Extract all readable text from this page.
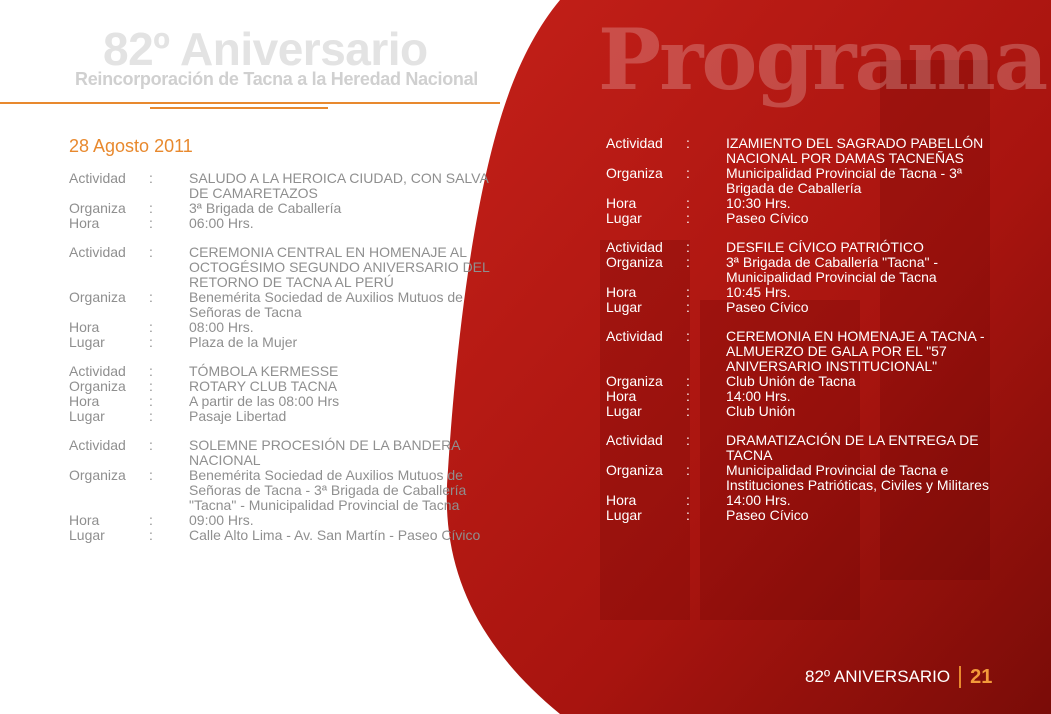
82º Aniversario
Reincorporación de Tacna a la Heredad Nacional Programa
28 Agosto 2011
Actividad	:	SALUDO A LA HEROICA CIUDAD, CON SALVA DE CAMARETAZOS
Organiza	:	3ª Brigada de Caballería
Hora	:	06:00 Hrs.
Actividad	:	CEREMONIA CENTRAL EN HOMENAJE AL OCTOGÉSIMO SEGUNDO ANIVERSARIO DEL RETORNO DE TACNA AL PERÚ
Organiza	:	Benemérita Sociedad de Auxilios Mutuos de Señoras de Tacna
Hora	:	08:00 Hrs.
Lugar	:	Plaza de la Mujer
Actividad	:	TÓMBOLA KERMESSE
Organiza	:	ROTARY CLUB TACNA
Hora	:	A partir de las 08:00 Hrs
Lugar	:	Pasaje Libertad
Actividad	:	SOLEMNE PROCESIÓN DE LA BANDERA NACIONAL
Organiza	:	Benemérita Sociedad de Auxilios Mutuos de Señoras de Tacna - 3ª Brigada de Caballería "Tacna" - Municipalidad Provincial de Tacna
Hora	:	09:00 Hrs.
Lugar	:	Calle Alto Lima - Av. San Martín - Paseo Cívico
Actividad	:	IZAMIENTO DEL SAGRADO PABELLÓN NACIONAL POR DAMAS TACNEÑAS
Organiza	:	Municipalidad Provincial de Tacna - 3ª Brigada de Caballería
Hora	:	10:30 Hrs.
Lugar	:	Paseo Cívico
Actividad	:	DESFILE CÍVICO PATRIÓTICO
Organiza	:	3ª Brigada de Caballería "Tacna" - Municipalidad Provincial de Tacna
Hora	:	10:45 Hrs.
Lugar	:	Paseo Cívico
Actividad	:	CEREMONIA EN HOMENAJE A TACNA - ALMUERZO DE GALA POR EL "57 ANIVERSARIO INSTITUCIONAL"
Organiza	:	Club Unión de Tacna
Hora	:	14:00 Hrs.
Lugar	:	Club Unión
Actividad	:	DRAMATIZACIÓN DE LA ENTREGA DE TACNA
Organiza	:	Municipalidad Provincial de Tacna e Instituciones Patrióticas, Civiles y Militares
Hora	:	14:00 Hrs.
Lugar	:	Paseo Cívico
82º ANIVERSARIO 21
